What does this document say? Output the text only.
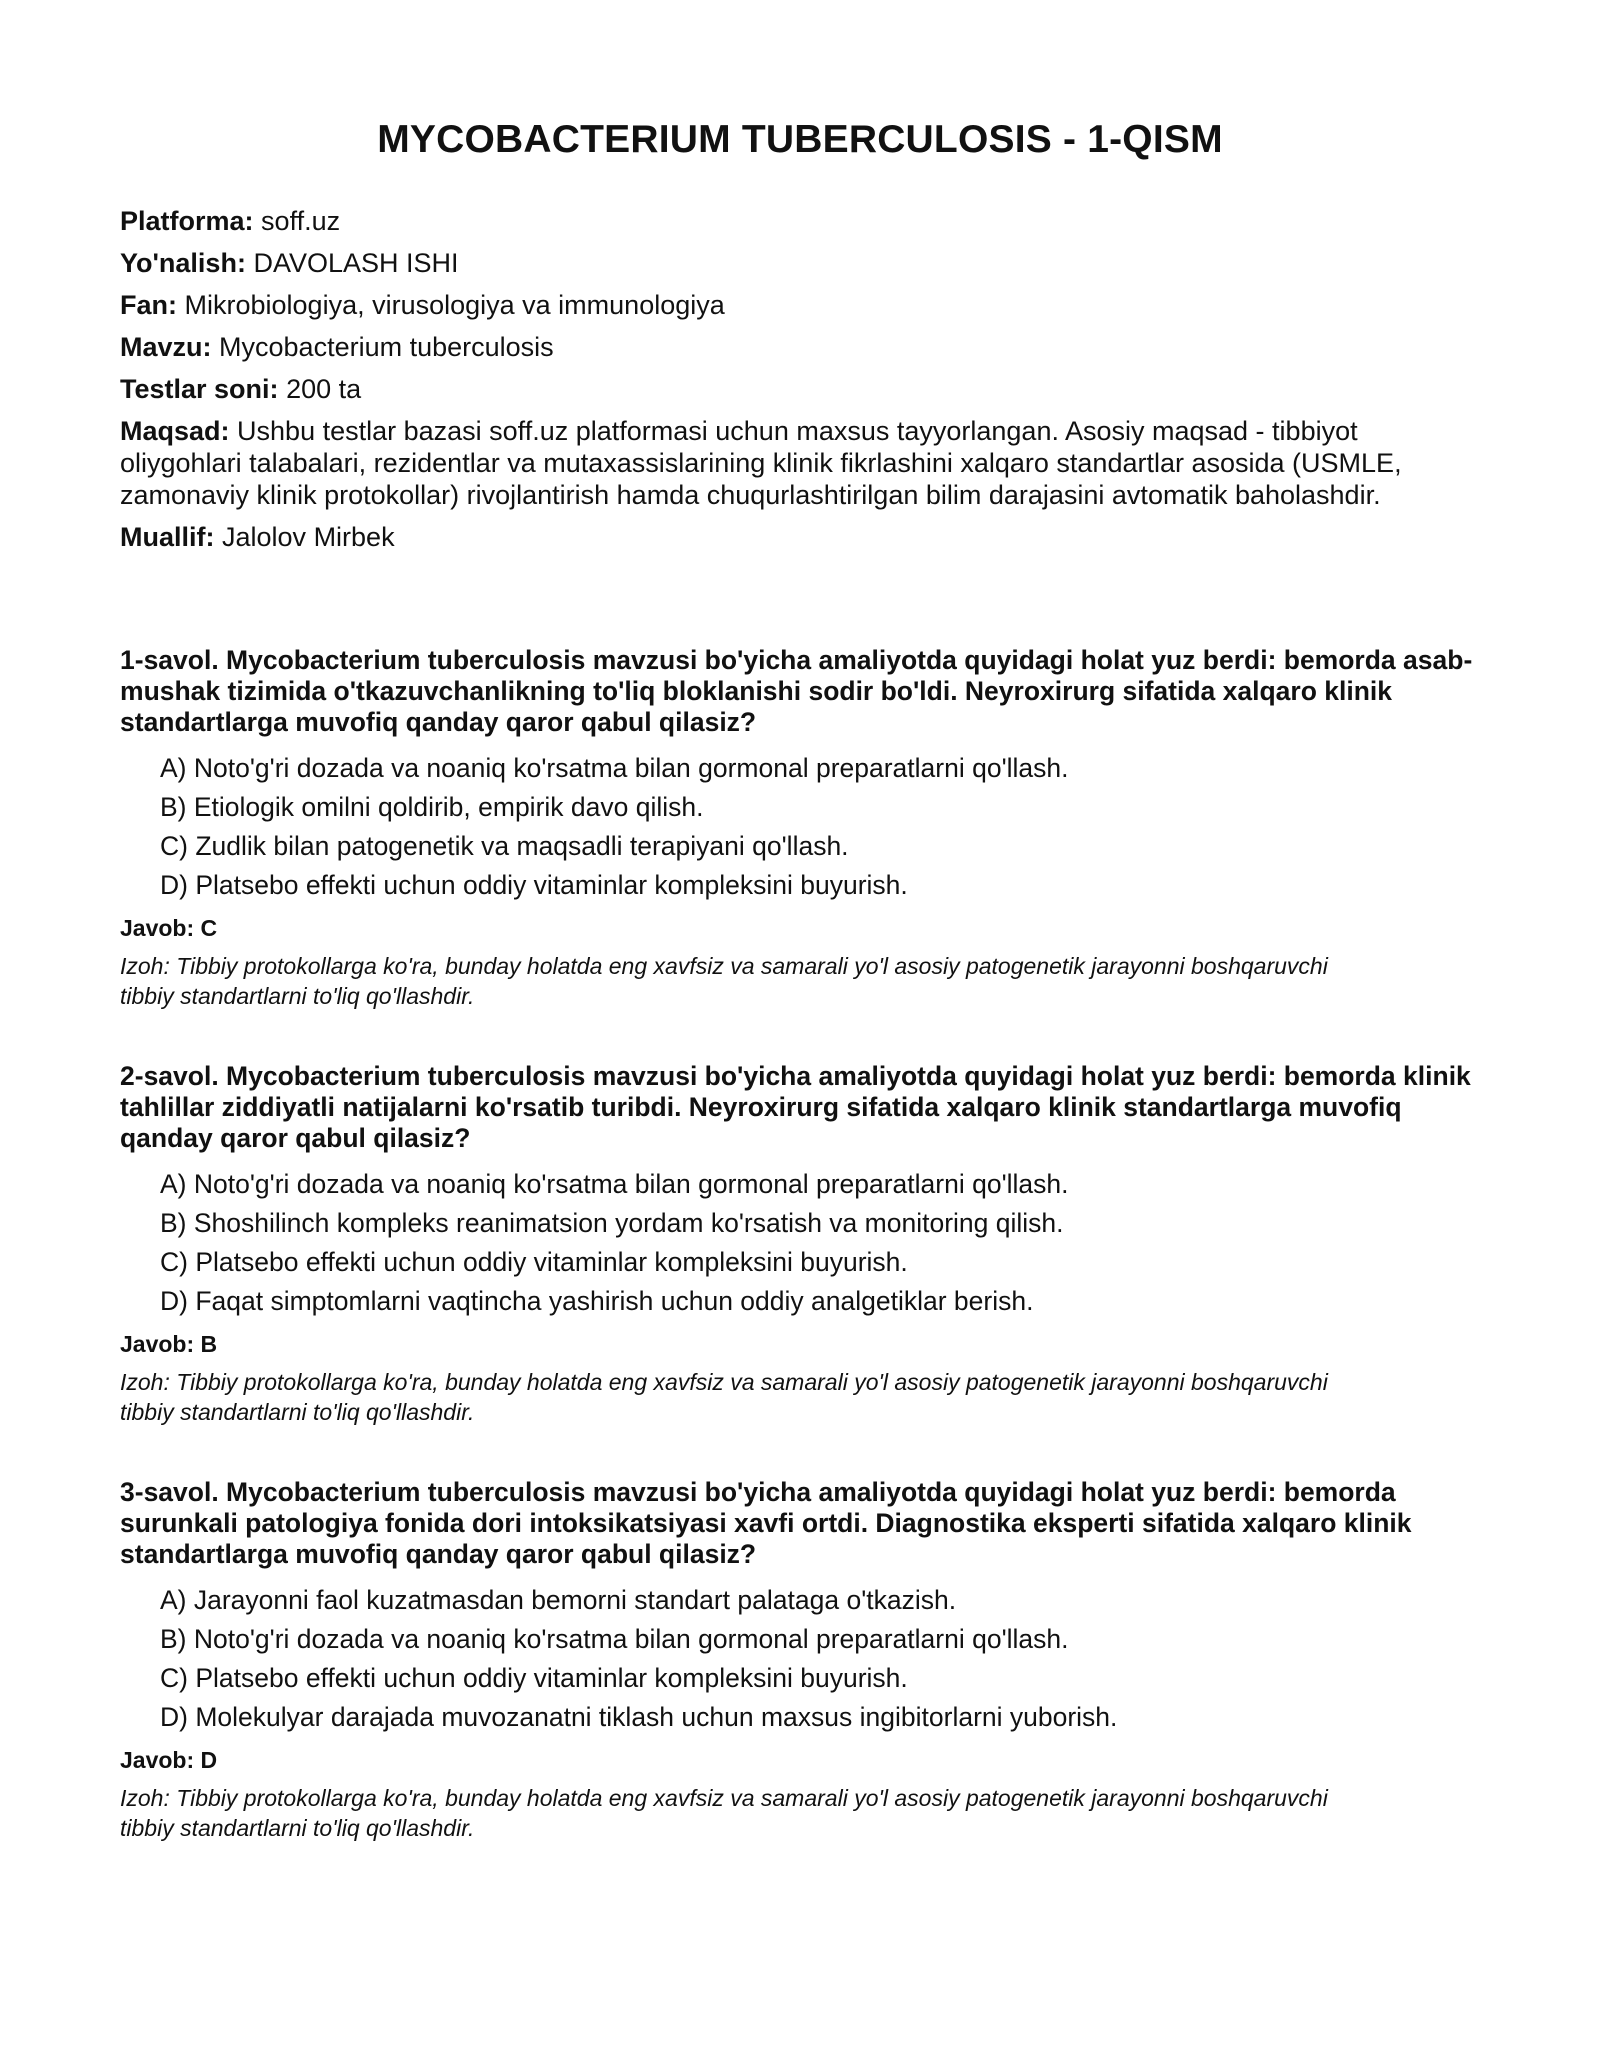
MYCOBACTERIUM TUBERCULOSIS - 1-QISM

Platforma: soff.uz

Yo'nalish: DAVOLASH ISHI

Fan: Mikrobiologiya, virusologiya va immunologiya

Mavzu: Mycobacterium tuberculosis

Testlar soni: 200 ta

Maqsad: Ushbu testlar bazasi soff.uz platformasi uchun maxsus tayyorlangan. Asosiy maqsad - tibbiyot oliygohlari talabalari, rezidentlar va mutaxassislarining klinik fikrlashini xalqaro standartlar asosida (USMLE, zamonaviy klinik protokollar) rivojlantirish hamda chuqurlashtirilgan bilim darajasini avtomatik baholashdir.

Muallif: Jalolov Mirbek

1-savol. Mycobacterium tuberculosis mavzusi bo'yicha amaliyotda quyidagi holat yuz berdi: bemorda asab-mushak tizimida o'tkazuvchanlikning to'liq bloklanishi sodir bo'ldi. Neyroxirurg sifatida xalqaro klinik standartlarga muvofiq qanday qaror qabul qilasiz?

A) Noto'g'ri dozada va noaniq ko'rsatma bilan gormonal preparatlarni qo'llash.
B) Etiologik omilni qoldirib, empirik davo qilish.
C) Zudlik bilan patogenetik va maqsadli terapiyani qo'llash.
D) Platsebo effekti uchun oddiy vitaminlar kompleksini buyurish.

Javob: C

Izoh: Tibbiy protokollarga ko'ra, bunday holatda eng xavfsiz va samarali yo'l asosiy patogenetik jarayonni boshqaruvchi tibbiy standartlarni to'liq qo'llashdir.

2-savol. Mycobacterium tuberculosis mavzusi bo'yicha amaliyotda quyidagi holat yuz berdi: bemorda klinik tahlillar ziddiyatli natijalarni ko'rsatib turibdi. Neyroxirurg sifatida xalqaro klinik standartlarga muvofiq qanday qaror qabul qilasiz?

A) Noto'g'ri dozada va noaniq ko'rsatma bilan gormonal preparatlarni qo'llash.
B) Shoshilinch kompleks reanimatsion yordam ko'rsatish va monitoring qilish.
C) Platsebo effekti uchun oddiy vitaminlar kompleksini buyurish.
D) Faqat simptomlarni vaqtincha yashirish uchun oddiy analgetiklar berish.

Javob: B

Izoh: Tibbiy protokollarga ko'ra, bunday holatda eng xavfsiz va samarali yo'l asosiy patogenetik jarayonni boshqaruvchi tibbiy standartlarni to'liq qo'llashdir.

3-savol. Mycobacterium tuberculosis mavzusi bo'yicha amaliyotda quyidagi holat yuz berdi: bemorda surunkali patologiya fonida dori intoksikatsiyasi xavfi ortdi. Diagnostika eksperti sifatida xalqaro klinik standartlarga muvofiq qanday qaror qabul qilasiz?

A) Jarayonni faol kuzatmasdan bemorni standart palataga o'tkazish.
B) Noto'g'ri dozada va noaniq ko'rsatma bilan gormonal preparatlarni qo'llash.
C) Platsebo effekti uchun oddiy vitaminlar kompleksini buyurish.
D) Molekulyar darajada muvozanatni tiklash uchun maxsus ingibitorlarni yuborish.

Javob: D

Izoh: Tibbiy protokollarga ko'ra, bunday holatda eng xavfsiz va samarali yo'l asosiy patogenetik jarayonni boshqaruvchi tibbiy standartlarni to'liq qo'llashdir.
